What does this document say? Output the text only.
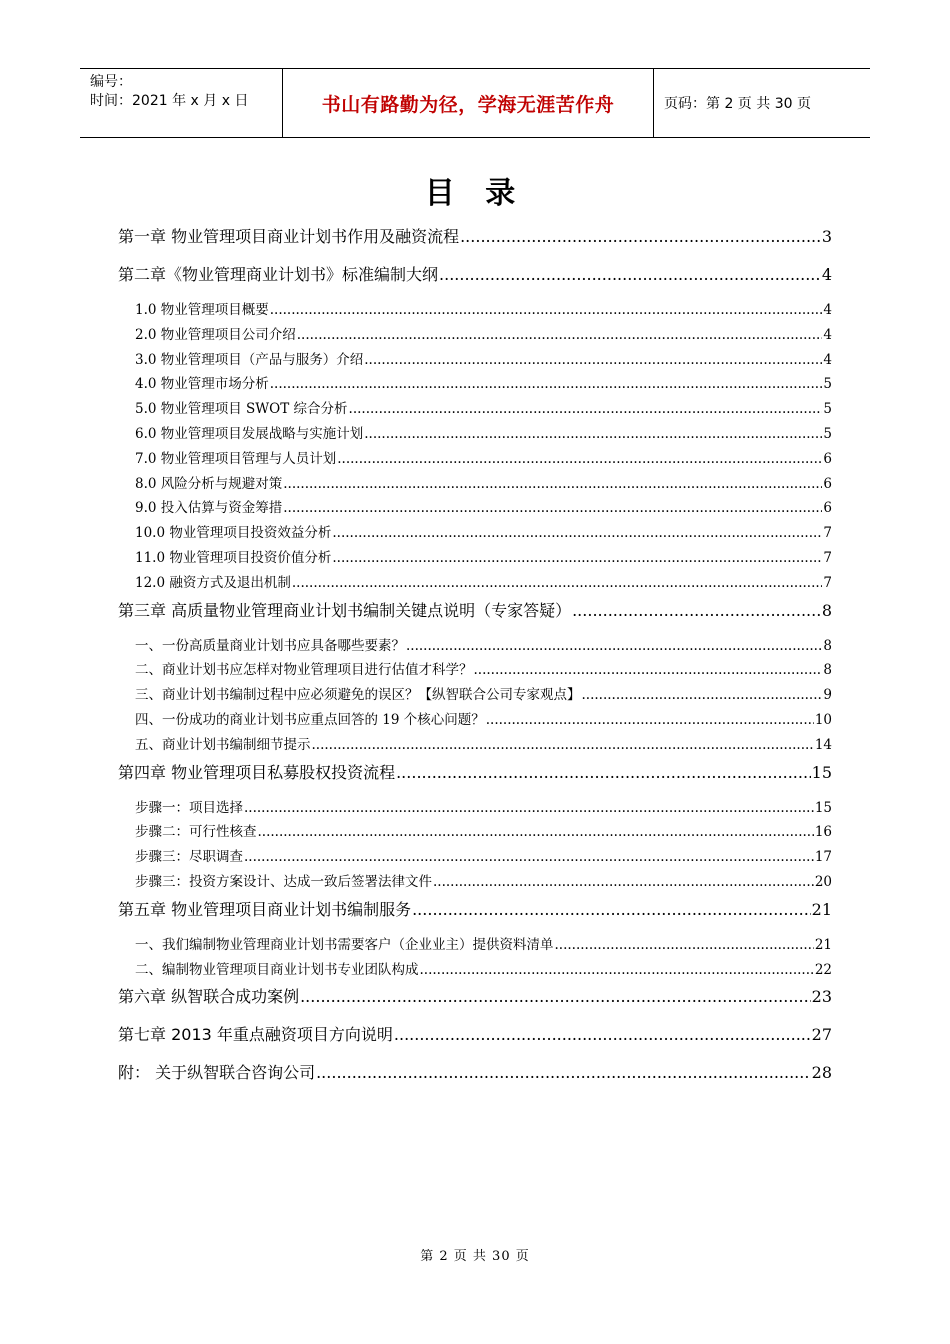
编号：
时间：2021 年 x 月 x 日	书山有路勤为径，学海无涯苦作舟	页码：第 2 页 共 30 页
目 录
第一章 物业管理项目商业计划书作用及融资流程 .....	3
第二章《物业管理商业计划书》标准编制大纲 .....	4
1.0 物业管理项目概要 .....	4
2.0 物业管理项目公司介绍 .....	4
3.0 物业管理项目（产品与服务）介绍 .....	4
4.0 物业管理市场分析 .....	5
5.0 物业管理项目 SWOT 综合分析 .....	5
6.0 物业管理项目发展战略与实施计划 .....	5
7.0 物业管理项目管理与人员计划 .....	6
8.0 风险分析与规避对策 .....	6
9.0 投入估算与资金筹措 .....	6
10.0 物业管理项目投资效益分析 .....	7
11.0 物业管理项目投资价值分析 .....	7
12.0 融资方式及退出机制 .....	7
第三章 高质量物业管理商业计划书编制关键点说明（专家答疑） .....	8
一、一份高质量商业计划书应具备哪些要素？ .....	8
二、商业计划书应怎样对物业管理项目进行估值才科学？ .....	8
三、商业计划书编制过程中应必须避免的误区？【纵智联合公司专家观点】 .....	9
四、一份成功的商业计划书应重点回答的 19 个核心问题？ .....	10
五、商业计划书编制细节提示 .....	14
第四章 物业管理项目私募股权投资流程 .....	15
步骤一：项目选择 .....	15
步骤二：可行性核查 .....	16
步骤三：尽职调查 .....	17
步骤三：投资方案设计、达成一致后签署法律文件 .....	20
第五章 物业管理项目商业计划书编制服务 .....	21
一、我们编制物业管理商业计划书需要客户（企业业主）提供资料清单 .....	21
二、编制物业管理项目商业计划书专业团队构成 .....	22
第六章 纵智联合成功案例 .....	23
第七章 2013 年重点融资项目方向说明 .....	27
附： 关于纵智联合咨询公司 .....	28
第 2 页 共 30 页
